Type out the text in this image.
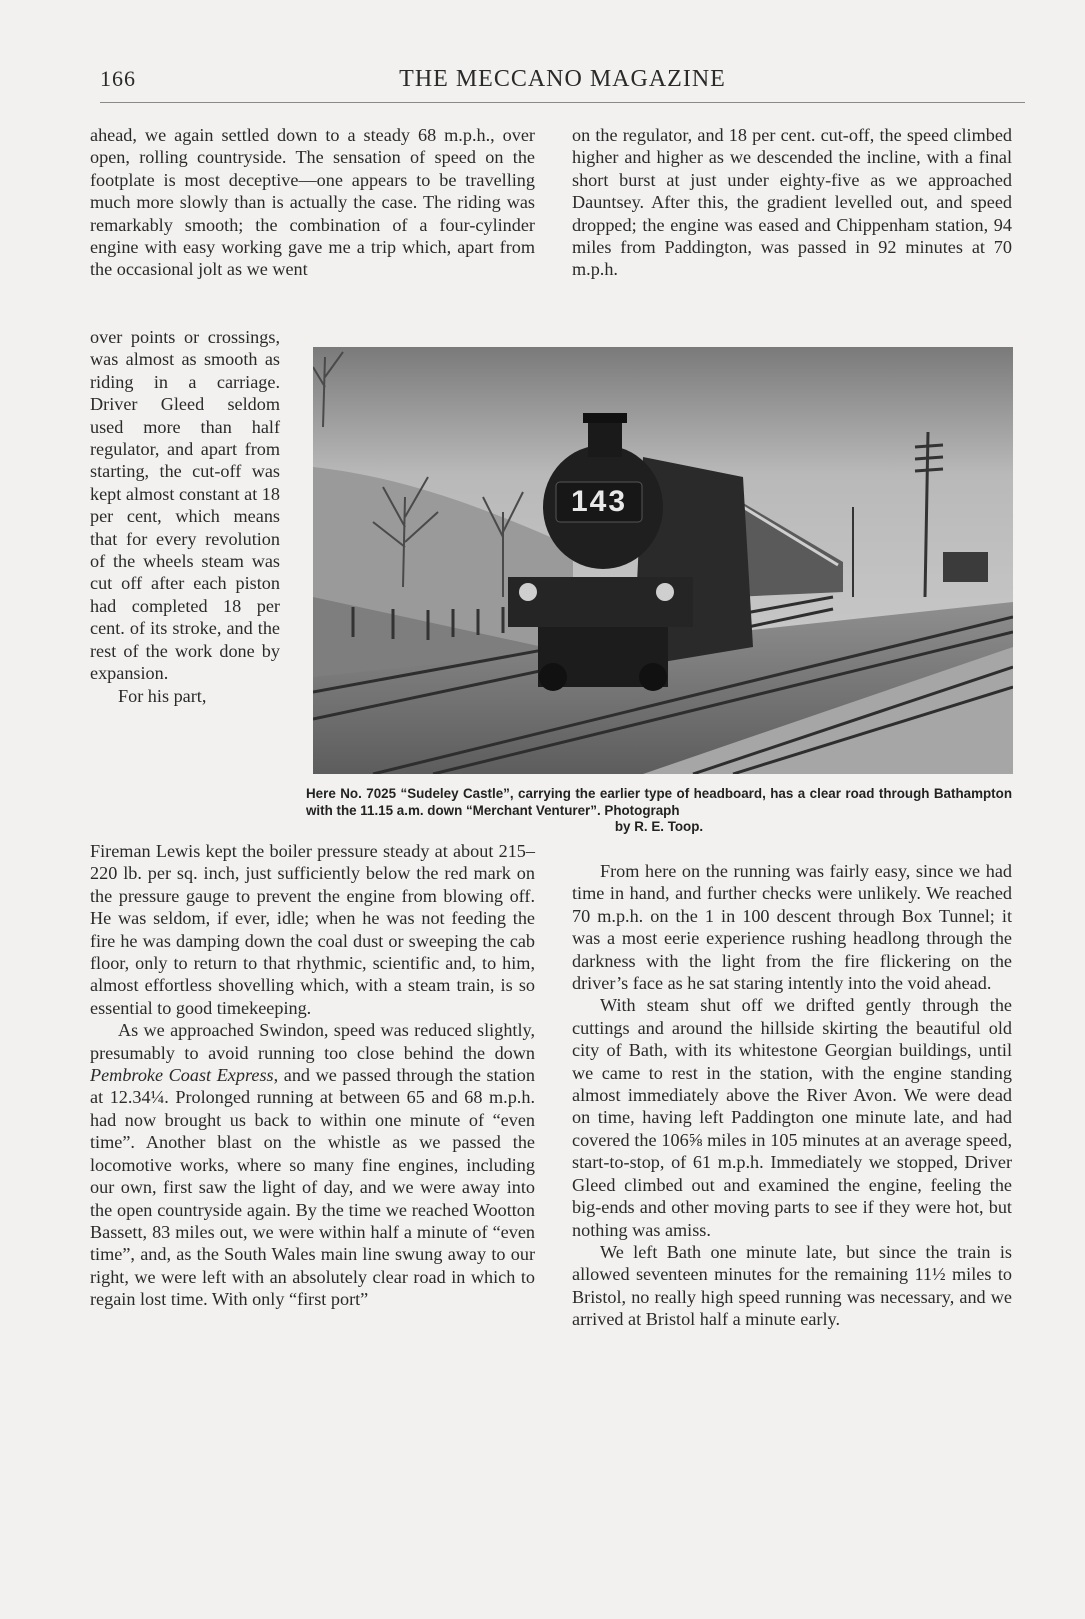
166	THE MECCANO MAGAZINE

ahead, we again settled down to a steady 68 m.p.h., over open, rolling countryside. The sensation of speed on the footplate is most deceptive—one appears to be travelling much more slowly than is actually the case. The riding was remarkably smooth; the combination of a four-cylinder engine with easy working gave me a trip which, apart from the occasional jolt as we went

on the regulator, and 18 per cent. cut-off, the speed climbed higher and higher as we descended the incline, with a final short burst at just under eighty-five as we approached Dauntsey. After this, the gradient levelled out, and speed dropped; the engine was eased and Chippenham station, 94 miles from Paddington, was passed in 92 minutes at 70 m.p.h.

over points or crossings, was almost as smooth as riding in a carriage. Driver Gleed seldom used more than half regulator, and apart from starting, the cut-off was kept almost constant at 18 per cent, which means that for every revolution of the wheels steam was cut off after each piston had completed 18 per cent. of its stroke, and the rest of the work done by expansion.

For his part,

143
Here No. 7025 “Sudeley Castle”, carrying the earlier type of headboard, has a clear road through Bathampton with the 11.15 a.m. down “Merchant Venturer”. Photograph
by R. E. Toop.

Fireman Lewis kept the boiler pressure steady at about 215–220 lb. per sq. inch, just sufficiently below the red mark on the pressure gauge to prevent the engine from blowing off. He was seldom, if ever, idle; when he was not feeding the fire he was damping down the coal dust or sweeping the cab floor, only to return to that rhythmic, scientific and, to him, almost effortless shovelling which, with a steam train, is so essential to good timekeeping.

As we approached Swindon, speed was reduced slightly, presumably to avoid running too close behind the down Pembroke Coast Express, and we passed through the station at 12.34¼. Prolonged running at between 65 and 68 m.p.h. had now brought us back to within one minute of “even time”. Another blast on the whistle as we passed the locomotive works, where so many fine engines, including our own, first saw the light of day, and we were away into the open countryside again. By the time we reached Wootton Bassett, 83 miles out, we were within half a minute of “even time”, and, as the South Wales main line swung away to our right, we were left with an absolutely clear road in which to regain lost time. With only “first port”

From here on the running was fairly easy, since we had time in hand, and further checks were unlikely. We reached 70 m.p.h. on the 1 in 100 descent through Box Tunnel; it was a most eerie experience rushing headlong through the darkness with the light from the fire flickering on the driver’s face as he sat staring intently into the void ahead.

With steam shut off we drifted gently through the cuttings and around the hillside skirting the beautiful old city of Bath, with its whitestone Georgian buildings, until we came to rest in the station, with the engine standing almost immediately above the River Avon. We were dead on time, having left Paddington one minute late, and had covered the 106⅝ miles in 105 minutes at an average speed, start-to-stop, of 61 m.p.h. Immediately we stopped, Driver Gleed climbed out and examined the engine, feeling the big-ends and other moving parts to see if they were hot, but nothing was amiss.

We left Bath one minute late, but since the train is allowed seventeen minutes for the remaining 11½ miles to Bristol, no really high speed running was necessary, and we arrived at Bristol half a minute early.
